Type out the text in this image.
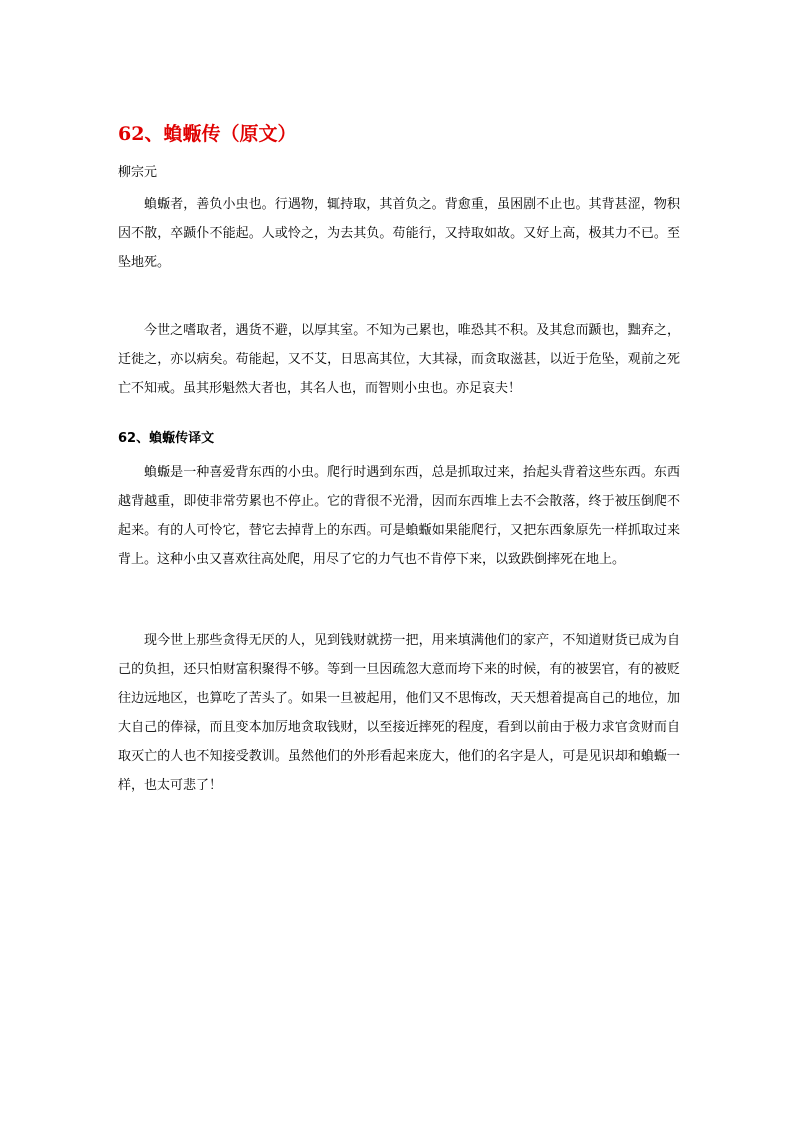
62、蝜蝂传（原文）
柳宗元

蝜蝂者，善负小虫也。行遇物，辄持取，其首负之。背愈重，虽困剧不止也。其背甚涩，物积因不散，卒踬仆不能起。人或怜之，为去其负。苟能行，又持取如故。又好上高，极其力不已。至坠地死。

今世之嗜取者，遇货不避，以厚其室。不知为己累也，唯恐其不积。及其怠而踬也，黜弃之，迁徙之，亦以病矣。苟能起，又不艾，日思高其位，大其禄，而贪取滋甚，以近于危坠，观前之死亡不知戒。虽其形魁然大者也，其名人也，而智则小虫也。亦足哀夫！

62、蝜蝂传译文

蝜蝂是一种喜爱背东西的小虫。爬行时遇到东西，总是抓取过来，抬起头背着这些东西。东西越背越重，即使非常劳累也不停止。它的背很不光滑，因而东西堆上去不会散落，终于被压倒爬不起来。有的人可怜它，替它去掉背上的东西。可是蝜蝂如果能爬行，又把东西象原先一样抓取过来背上。这种小虫又喜欢往高处爬，用尽了它的力气也不肯停下来，以致跌倒摔死在地上。

现今世上那些贪得无厌的人，见到钱财就捞一把，用来填满他们的家产，不知道财货已成为自己的负担，还只怕财富积聚得不够。等到一旦因疏忽大意而垮下来的时候，有的被罢官，有的被贬往边远地区，也算吃了苦头了。如果一旦被起用，他们又不思悔改，天天想着提高自己的地位，加大自己的俸禄，而且变本加厉地贪取钱财，以至接近摔死的程度，看到以前由于极力求官贪财而自取灭亡的人也不知接受教训。虽然他们的外形看起来庞大，他们的名字是人，可是见识却和蝜蝂一样，也太可悲了！
